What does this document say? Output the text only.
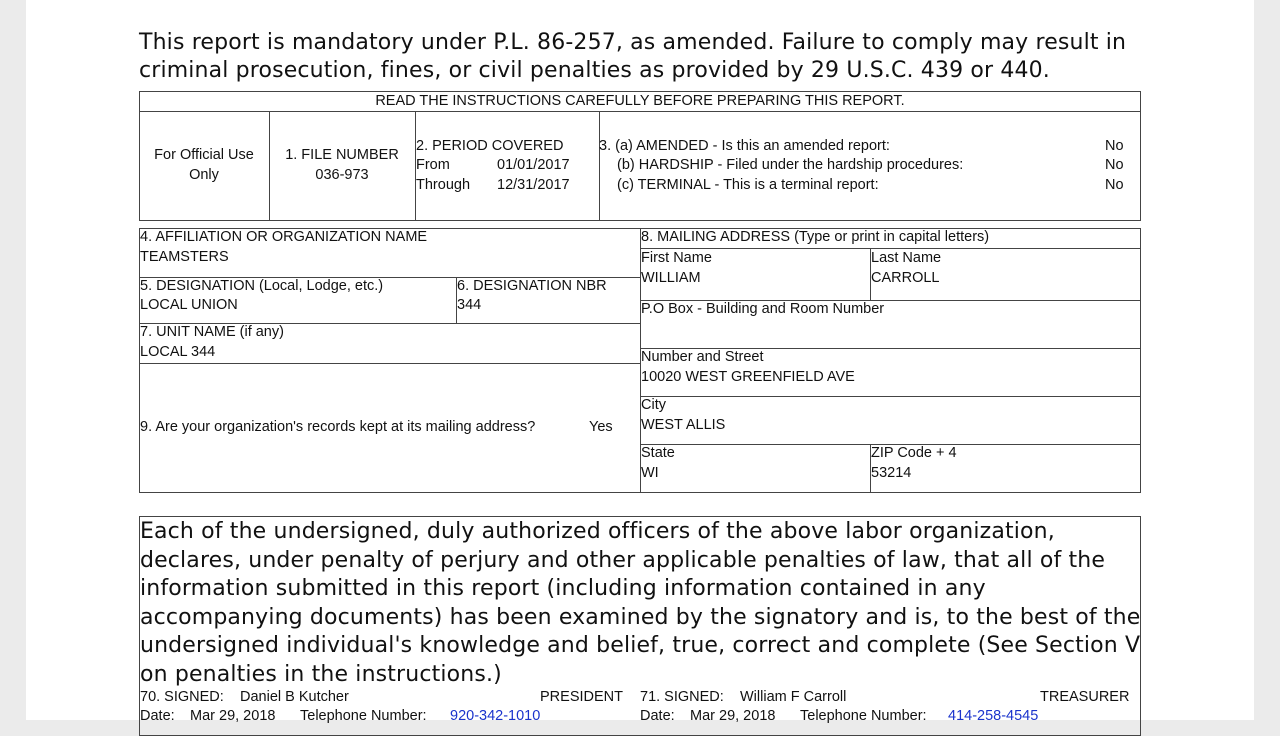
This report is mandatory under P.L. 86-257, as amended. Failure to comply may result in
criminal prosecution, fines, or civil penalties as provided by 29 U.S.C. 439 or 440.
READ THE INSTRUCTIONS CAREFULLY BEFORE PREPARING THIS REPORT.
For Official Use
Only
1. FILE NUMBER
036-973
2. PERIOD COVERED
From	01/01/2017
Through 12/31/2017
3. (a) AMENDED - Is this an amended report:	No
(b) HARDSHIP - Filed under the hardship procedures:	No
(c) TERMINAL - This is a terminal report:	No
4. AFFILIATION OR ORGANIZATION NAME
TEAMSTERS
5. DESIGNATION (Local, Lodge, etc.)
LOCAL UNION
6. DESIGNATION NBR
344
7. UNIT NAME (if any)
LOCAL 344
9. Are your organization's records kept at its mailing address?	Yes
8. MAILING ADDRESS (Type or print in capital letters)
First Name
WILLIAM
Last Name
CARROLL
P.O Box - Building and Room Number
Number and Street
10020 WEST GREENFIELD AVE
City
WEST ALLIS
State
WI
ZIP Code + 4
53214
Each of the undersigned, duly authorized officers of the above labor organization,
declares, under penalty of perjury and other applicable penalties of law, that all of the
information submitted in this report (including information contained in any
accompanying documents) has been examined by the signatory and is, to the best of the
undersigned individual's knowledge and belief, true, correct and complete (See Section V
on penalties in the instructions.)
70. SIGNED: Daniel B Kutcher	PRESIDENT
Date: Mar 29, 2018 Telephone Number: 920-342-1010
71. SIGNED: William F Carroll	TREASURER
Date: Mar 29, 2018 Telephone Number: 414-258-4545
